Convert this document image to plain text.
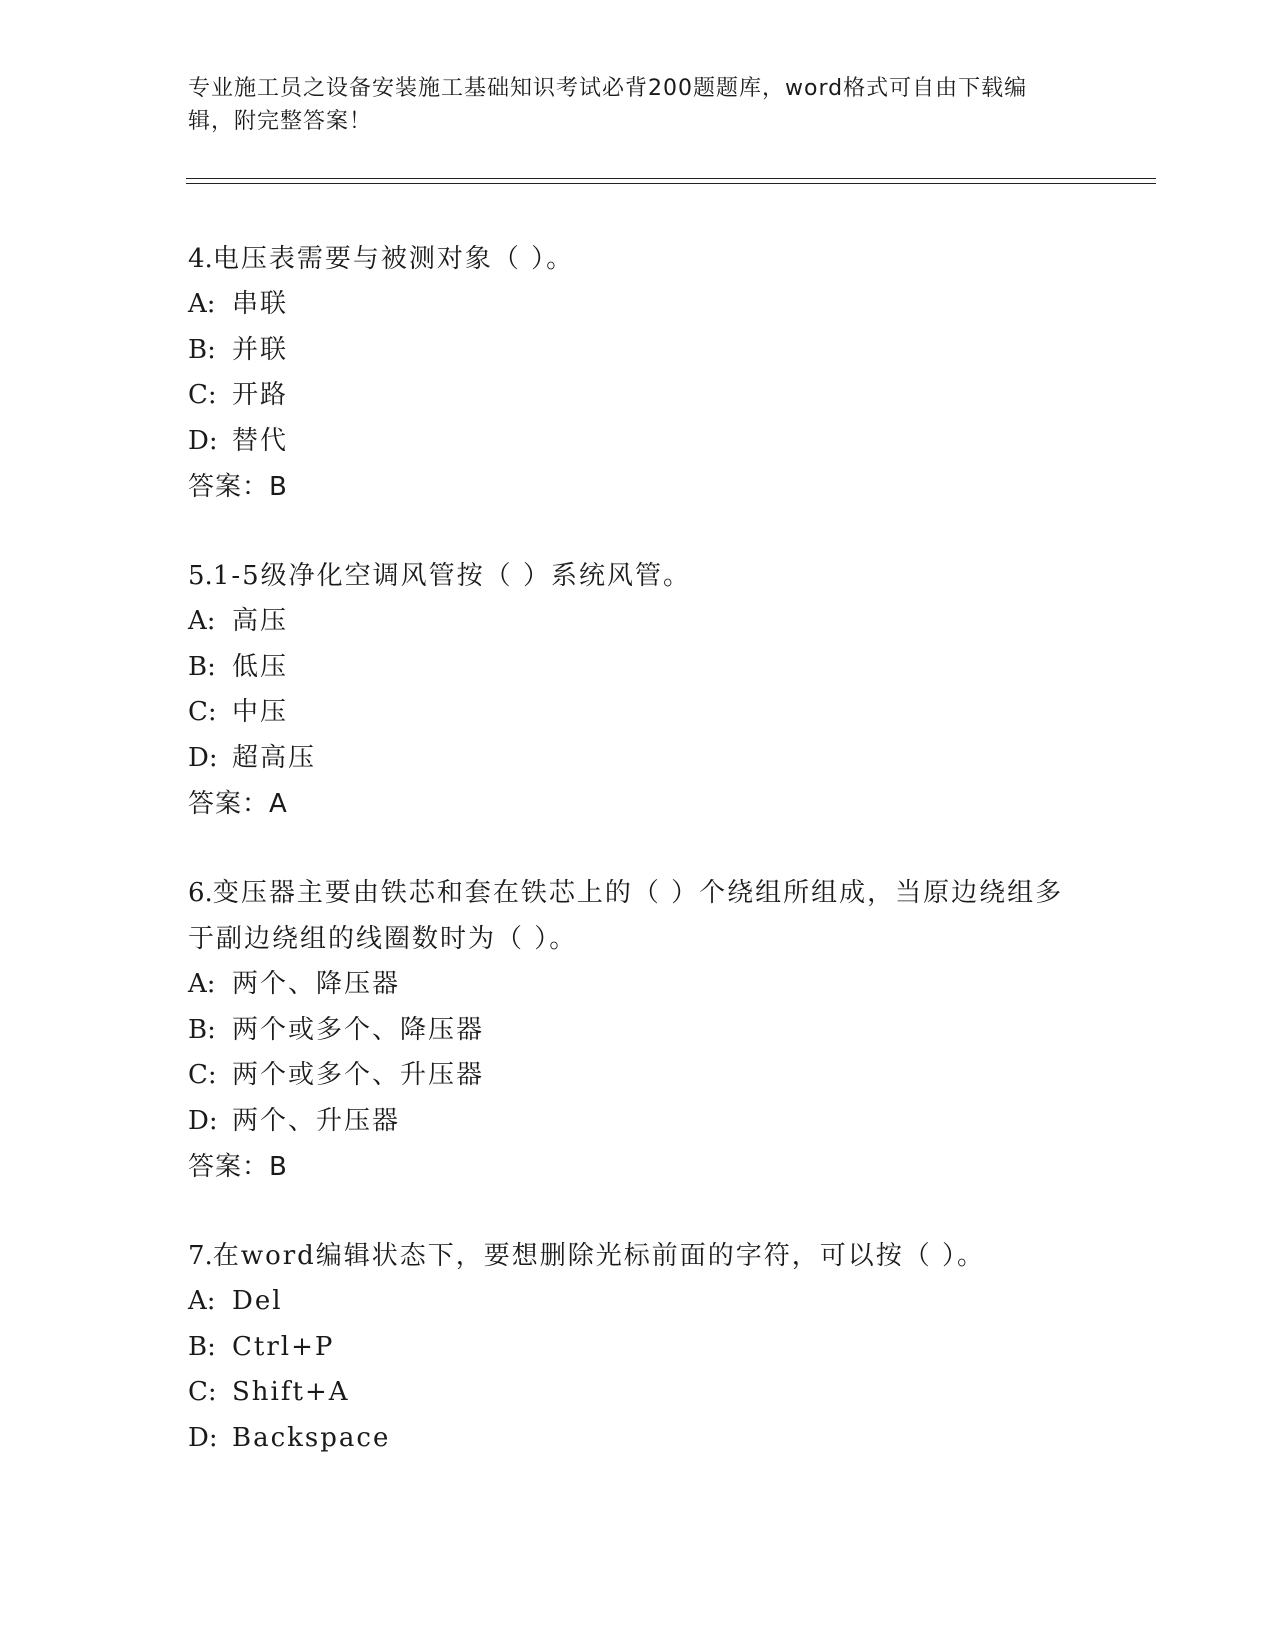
专业施工员之设备安装施工基础知识考试必背200题题库，word格式可自由下载编辑，附完整答案！
4.电压表需要与被测对象（ ）。
A: 串联
B: 并联
C: 开路
D: 替代
答案：B
5.1-5级净化空调风管按（ ）系统风管。
A: 高压
B: 低压
C: 中压
D: 超高压
答案：A
6.变压器主要由铁芯和套在铁芯上的（ ）个绕组所组成，当原边绕组多于副边绕组的线圈数时为（ ）。
A: 两个、降压器
B: 两个或多个、降压器
C: 两个或多个、升压器
D: 两个、升压器
答案：B
7.在word编辑状态下，要想删除光标前面的字符，可以按（ ）。
A: Del
B: Ctrl+P
C: Shift+A
D: Backspace
